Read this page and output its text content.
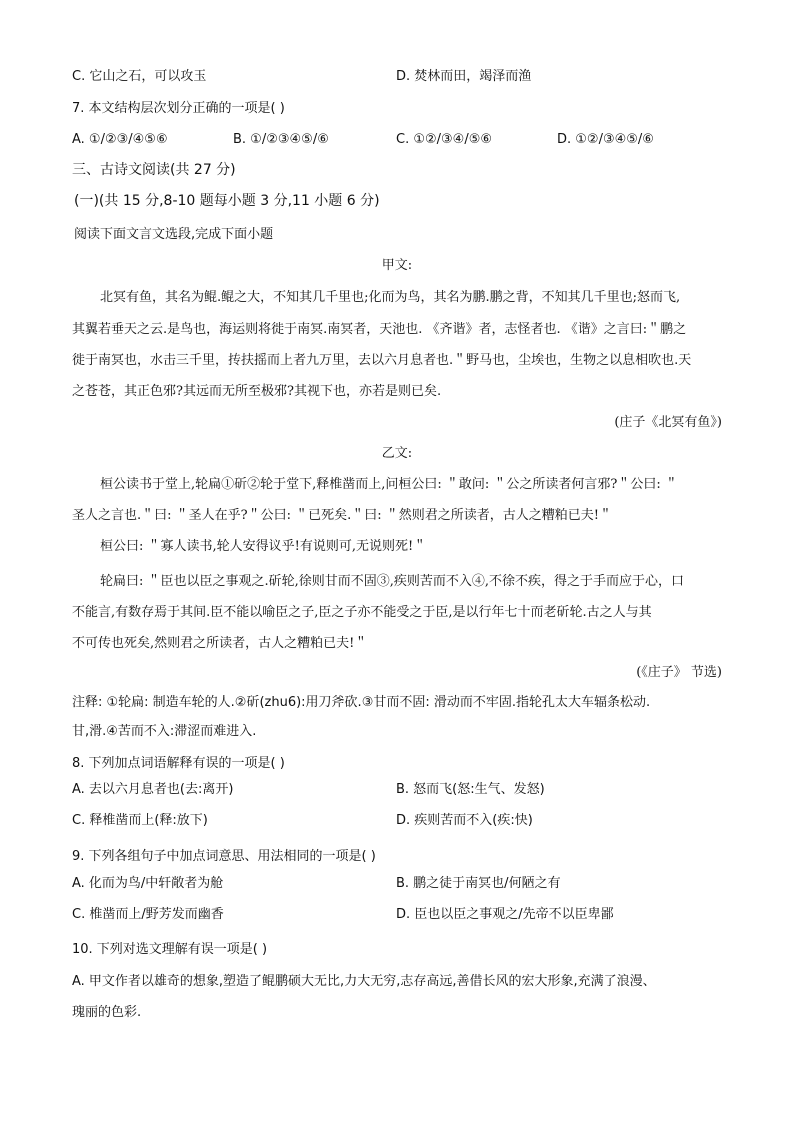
C. 它山之石，可以攻玉	D. 焚林而田，竭泽而渔
7. 本文结构层次划分正确的一项是( )
A. ①/②③/④⑤⑥	B. ①/②③④⑤/⑥	C. ①②/③④/⑤⑥	D. ①②/③④⑤/⑥
三、古诗文阅读(共 27 分)
(一)(共 15 分,8-10 题每小题 3 分,11 小题 6 分)
阅读下面文言文选段,完成下面小题
甲文:
北冥有鱼，其名为鲲.鲲之大，不知其几千里也;化而为鸟，其名为鹏.鹏之背，不知其几千里也;怒而飞,
其翼若垂天之云.是鸟也，海运则将徙于南冥.南冥者，天池也. 《齐谐》者，志怪者也. 《谐》之言曰:＂鹏之
徙于南冥也，水击三千里，抟扶摇而上者九万里，去以六月息者也.＂野马也，尘埃也，生物之以息相吹也.天
之苍苍，其正色邪?其远而无所至极邪?其视下也，亦若是则已矣.
(庄子《北冥有鱼》)
乙文:
桓公读书于堂上,轮扁①斫②轮于堂下,释椎凿而上,问桓公曰: ＂敢问: ＂公之所读者何言邪?＂公曰: ＂
圣人之言也.＂曰: ＂圣人在乎?＂公曰: ＂已死矣.＂曰: ＂然则君之所读者，古人之糟粕已夫!＂
桓公曰: ＂寡人读书,轮人安得议乎!有说则可,无说则死!＂
轮扁曰: ＂臣也以臣之事观之.斫轮,徐则甘而不固③,疾则苦而不入④,不徐不疾，得之于手而应于心，口
不能言,有数存焉于其间.臣不能以喻臣之子,臣之子亦不能受之于臣,是以行年七十而老斫轮.古之人与其
不可传也死矣,然则君之所读者，古人之糟粕已夫!＂
(《庄子》 节选)
注释: ①轮扁: 制造车轮的人.②斫(zhu6):用刀斧砍.③甘而不固: 滑动而不牢固.指轮孔太大车辐条松动.
甘,滑.④苦而不入:滞涩而难进入.
8. 下列加点词语解释有误的一项是( )
A. 去以六月息者也(去:离开)	B. 怒而飞(怒:生气、发怒)
C. 释椎凿而上(释:放下)	D. 疾则苦而不入(疾:快)
9. 下列各组句子中加点词意思、用法相同的一项是( )
A. 化而为鸟/中轩敞者为舱	B. 鹏之徒于南冥也/何陋之有
C. 椎凿而上/野芳发而幽香	D. 臣也以臣之事观之/先帝不以臣卑鄙
10. 下列对选文理解有误一项是( )
A. 甲文作者以雄奇的想象,塑造了鲲鹏硕大无比,力大无穷,志存高远,善借长风的宏大形象,充满了浪漫、
瑰丽的色彩.
